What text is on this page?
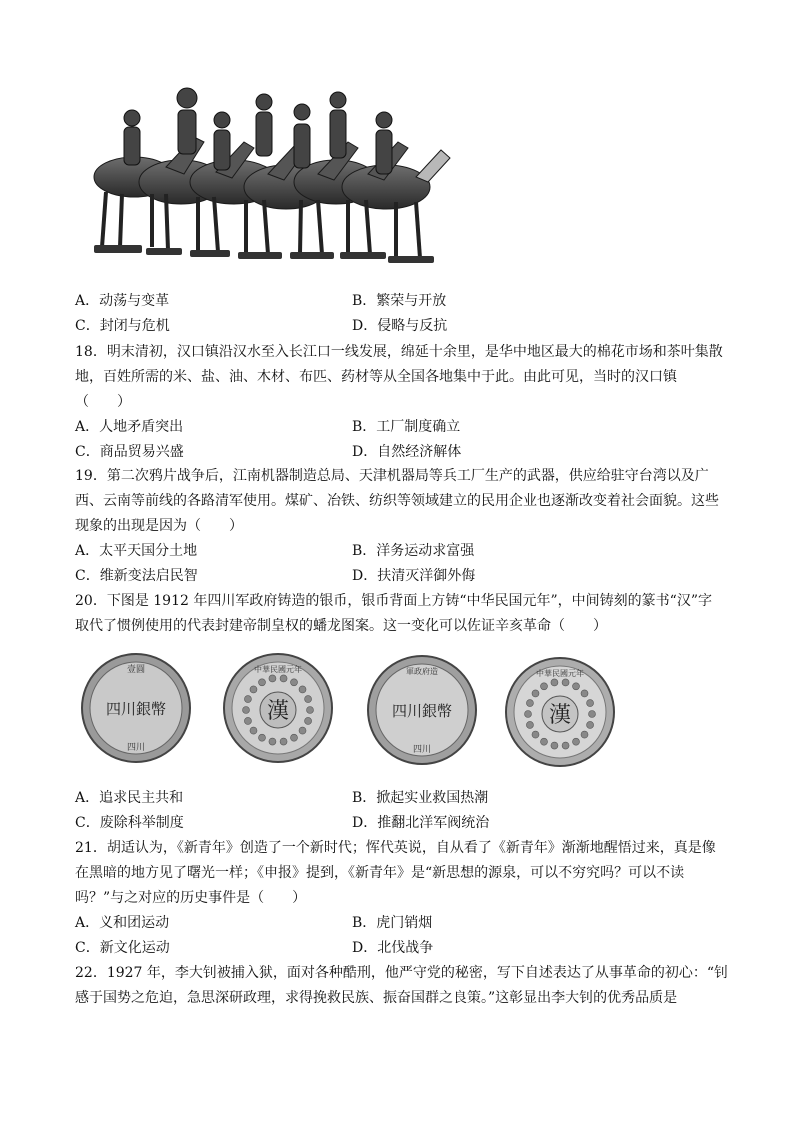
A．动荡与变革	B．繁荣与开放
C．封闭与危机	D．侵略与反抗
18．明末清初，汉口镇沿汉水至入长江口一线发展，绵延十余里，是华中地区最大的棉花市场和茶叶集散
地，百姓所需的米、盐、油、木材、布匹、药材等从全国各地集中于此。由此可见，当时的汉口镇
（　　）
A．人地矛盾突出	B．工厂制度确立
C．商品贸易兴盛	D．自然经济解体
19．第二次鸦片战争后，江南机器制造总局、天津机器局等兵工厂生产的武器，供应给驻守台湾以及广
西、云南等前线的各路清军使用。煤矿、冶铁、纺织等领域建立的民用企业也逐渐改变着社会面貌。这些
现象的出现是因为（　　）
A．太平天国分土地	B．洋务运动求富强
C．维新变法启民智	D．扶清灭洋御外侮
20．下图是 1912 年四川军政府铸造的银币，银币背面上方铸“中华民国元年”，中间铸刻的篆书“汉”字
取代了惯例使用的代表封建帝制皇权的蟠龙图案。这一变化可以佐证辛亥革命（　　）
壹圓
四川銀幣
四川
中華民國元年
漢
軍政府造
四川銀幣
四川
中華民國元年
漢
A．追求民主共和	B．掀起实业救国热潮
C．废除科举制度	D．推翻北洋军阀统治
21．胡适认为，《新青年》创造了一个新时代；恽代英说，自从看了《新青年》渐渐地醒悟过来，真是像
在黑暗的地方见了曙光一样；《申报》提到，《新青年》是“新思想的源泉，可以不穷究吗？可以不读
吗？”与之对应的历史事件是（　　）
A．义和团运动	B．虎门销烟
C．新文化运动	D．北伐战争
22．1927 年，李大钊被捕入狱，面对各种酷刑，他严守党的秘密，写下自述表达了从事革命的初心：“钊
感于国势之危迫，急思深研政理，求得挽救民族、振奋国群之良策。”这彰显出李大钊的优秀品质是
